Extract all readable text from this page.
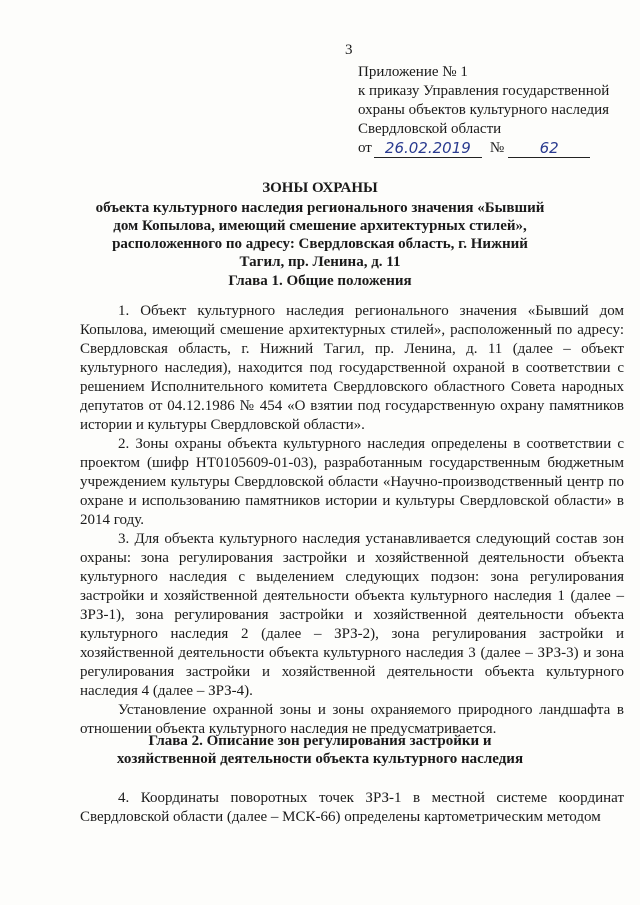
3
Приложение № 1
к приказу Управления государственной
охраны объектов культурного наследия
Свердловской области
от 26.02.2019	№	62
ЗОНЫ ОХРАНЫ
объекта культурного наследия регионального значения «Бывший дом Копылова, имеющий смешение архитектурных стилей», расположенного по адресу: Свердловская область, г. Нижний Тагил, пр. Ленина, д. 11
Глава 1. Общие положения

1. Объект культурного наследия регионального значения «Бывший дом Копылова, имеющий смешение архитектурных стилей», расположенный по адресу: Свердловская область, г. Нижний Тагил, пр. Ленина, д. 11 (далее – объект культурного наследия), находится под государственной охраной в соответствии с решением Исполнительного комитета Свердловского областного Совета народных депутатов от 04.12.1986 № 454 «О взятии под государственную охрану памятников истории и культуры Свердловской области».

2. Зоны охраны объекта культурного наследия определены в соответствии с проектом (шифр НТ0105609-01-03), разработанным государственным бюджетным учреждением культуры Свердловской области «Научно-производственный центр по охране и использованию памятников истории и культуры Свердловской области» в 2014 году.

3. Для объекта культурного наследия устанавливается следующий состав зон охраны: зона регулирования застройки и хозяйственной деятельности объекта культурного наследия с выделением следующих подзон: зона регулирования застройки и хозяйственной деятельности объекта культурного наследия 1 (далее – ЗРЗ-1), зона регулирования застройки и хозяйственной деятельности объекта культурного наследия 2 (далее – ЗРЗ-2), зона регулирования застройки и хозяйственной деятельности объекта культурного наследия 3 (далее – ЗРЗ-3) и зона регулирования застройки и хозяйственной деятельности объекта культурного наследия 4 (далее – ЗРЗ-4).

Установление охранной зоны и зоны охраняемого природного ландшафта в отношении объекта культурного наследия не предусматривается.

Глава 2. Описание зон регулирования застройки и хозяйственной деятельности объекта культурного наследия

4. Координаты поворотных точек ЗРЗ-1 в местной системе координат Свердловской области (далее – МСК-66) определены картометрическим методом
